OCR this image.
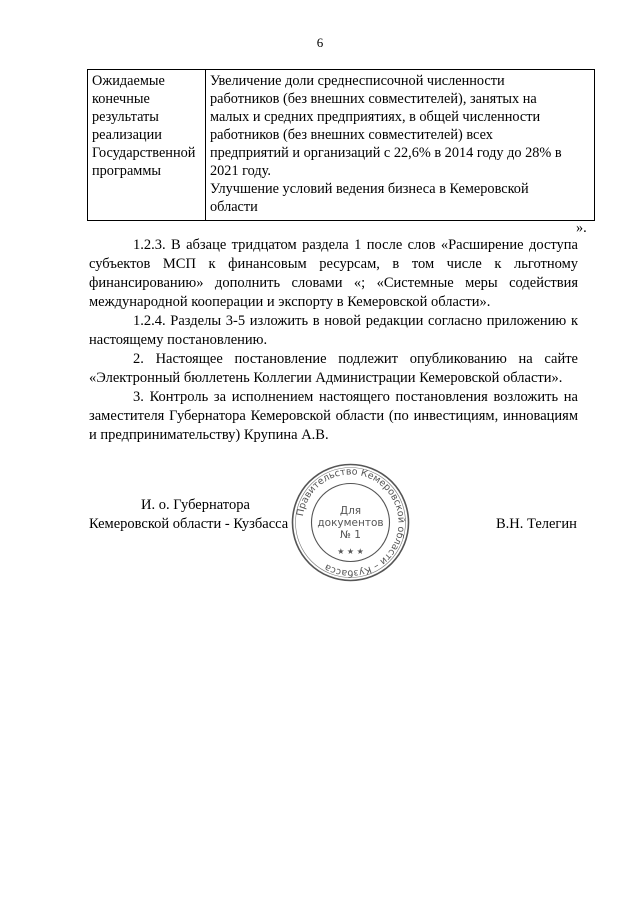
6
Ожидаемые
конечные
результаты
реализации
Государственной
программы

Увеличение доли среднесписочной численности
работников (без внешних совместителей), занятых на
малых и средних предприятиях, в общей численности
работников (без внешних совместителей) всех
предприятий и организаций с 22,6% в 2014 году до 28% в
2021 году.
Улучшение условий ведения бизнеса в Кемеровской
области
».

1.2.3. В абзаце тридцатом раздела 1 после слов «Расширение доступа субъектов МСП к финансовым ресурсам, в том числе к льготному финансированию» дополнить словами «; «Системные меры содействия международной кооперации и экспорту в Кемеровской области».

1.2.4. Разделы 3-5 изложить в новой редакции согласно приложению к настоящему постановлению.

2. Настоящее постановление подлежит опубликованию на сайте «Электронный бюллетень Коллегии Администрации Кемеровской области».

3. Контроль за исполнением настоящего постановления возложить на заместителя Губернатора Кемеровской области (по инвестициям, инновациям и предпринимательству) Крупина А.В.

И. о. Губернатора
Кемеровской области - Кузбасса	В.Н. Телегин
Правительство Кемеровской области – Кузбасса
★ ★ ★
Для
документов
№ 1
